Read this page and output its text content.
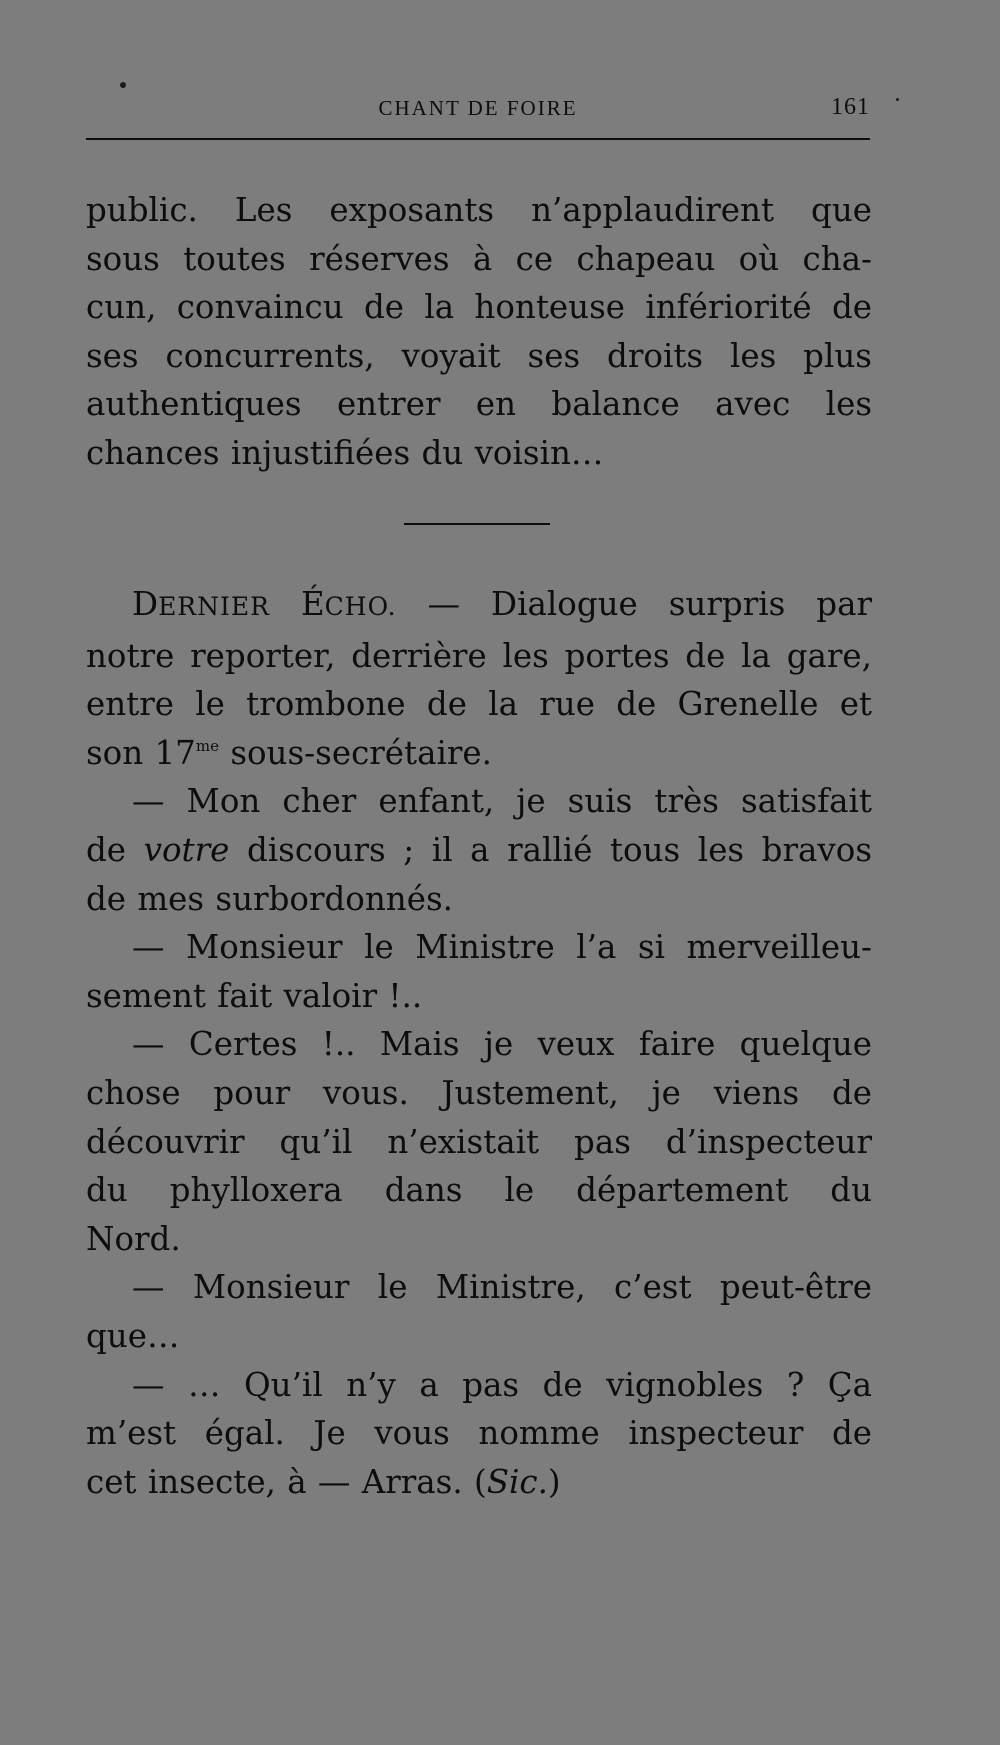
CHANT DE FOIRE	161
public. Les exposants n’applaudirent que
sous toutes réserves à ce chapeau où cha-
cun, convaincu de la honteuse infériorité de
ses concurrents, voyait ses droits les plus
authentiques entrer en balance avec les
chances injustifiées du voisin…
DERNIER ÉCHO. — Dialogue surpris par
notre reporter, derrière les portes de la gare,
entre le trombone de la rue de Grenelle et
son $17^{me}$ sous-secrétaire.
— Mon cher enfant, je suis très satisfait
de votre discours ; il a rallié tous les bravos
de mes surbordonnés.
— Monsieur le Ministre l’a si merveilleu-
sement fait valoir !..
— Certes !.. Mais je veux faire quelque
chose pour vous. Justement, je viens de
découvrir qu’il n’existait pas d’inspecteur
du phylloxera dans le département du
Nord.
— Monsieur le Ministre, c’est peut-être
que…
— … Qu’il n’y a pas de vignobles ? Ça
m’est égal. Je vous nomme inspecteur de
cet insecte, à — Arras. (Sic.)
